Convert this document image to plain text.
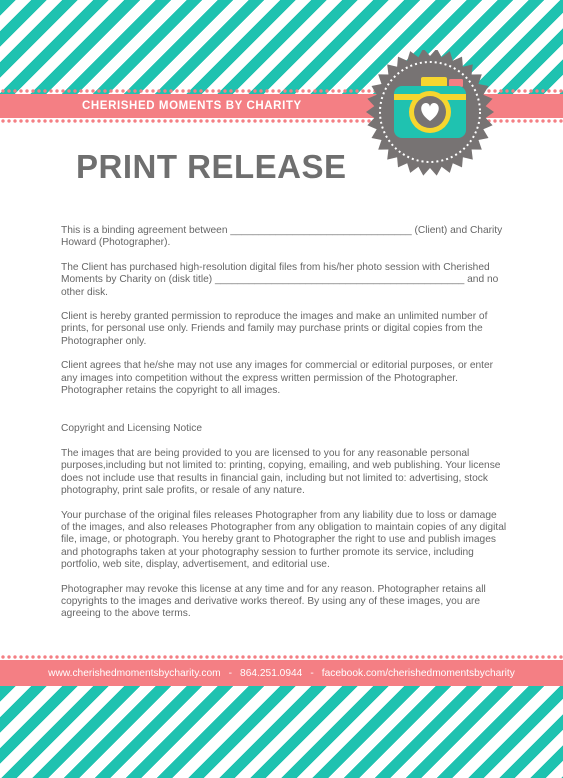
CHERISHED MOMENTS BY CHARITY
PRINT RELEASE

This is a binding agreement between ________________________________ (Client) and Charity Howard (Photographer).

The Client has purchased high-resolution digital files from his/her photo session with Cherished Moments by Charity on (disk title) ____________________________________________ and no other disk.

Client is hereby granted permission to reproduce the images and make an unlimited number of prints, for personal use only. Friends and family may purchase prints or digital copies from the Photographer only.

Client agrees that he/she may not use any images for commercial or editorial purposes, or enter any images into competition without the express written permission of the Photographer. Photographer retains the copyright to all images.

Copyright and Licensing Notice

The images that are being provided to you are licensed to you for any reasonable personal purposes,including but not limited to: printing, copying, emailing, and web publishing. Your license does not include use that results in financial gain, including but not limited to: advertising, stock photography, print sale profits, or resale of any nature.

Your purchase of the original files releases Photographer from any liability due to loss or damage of the images, and also releases Photographer from any obligation to maintain copies of any digital file, image, or photograph. You hereby grant to Photographer the right to use and publish images and photographs taken at your photography session to further promote its service, including portfolio, web site, display, advertisement, and editorial use.

Photographer may revoke this license at any time and for any reason. Photographer retains all copyrights to the images and derivative works thereof. By using any of these images, you are agreeing to the above terms.

www.cherishedmomentsbycharity.com - 864.251.0944 - facebook.com/cherishedmomentsbycharity
